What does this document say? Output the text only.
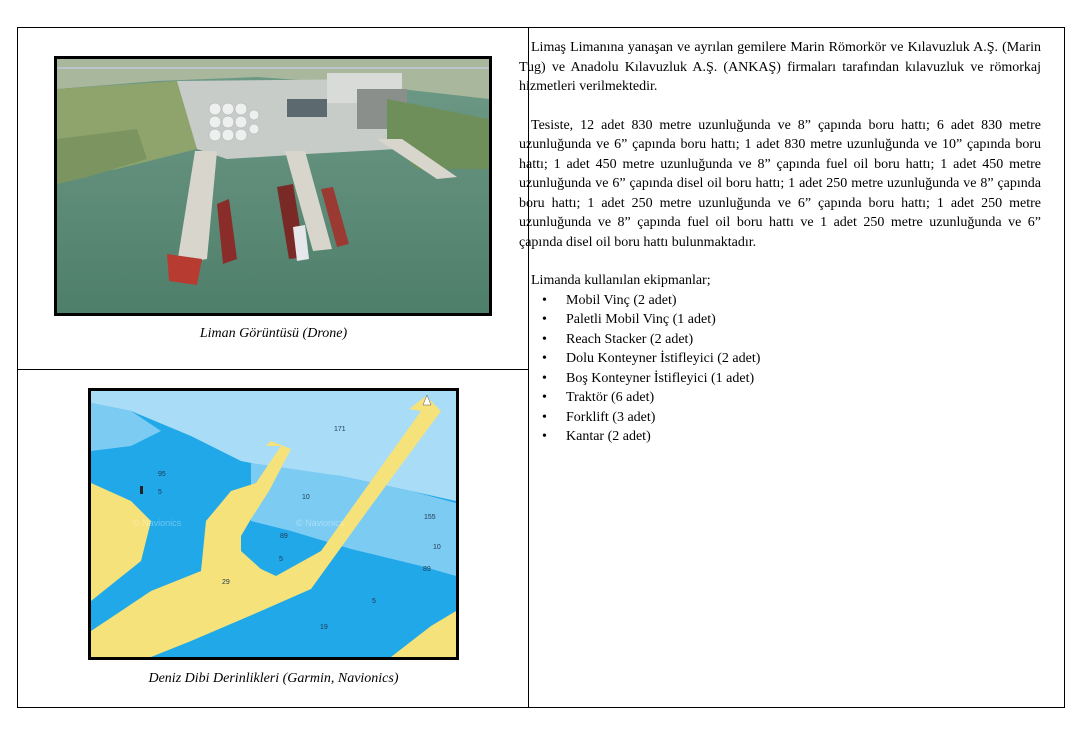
Liman Görüntüsü (Drone)
171
95
5
10
155
10
89
89
5
29
5
19
© Navionics	© Navionics
Deniz Dibi Derinlikleri (Garmin, Navionics)

Limaş Limanına yanaşan ve ayrılan gemilere Marin Römorkör ve Kılavuzluk A.Ş. (Marin Tug) ve Anadolu Kılavuzluk A.Ş. (ANKAŞ) firmaları tarafından kılavuzluk ve römorkaj hizmetleri verilmektedir.

Tesiste, 12 adet 830 metre uzunluğunda ve 8” çapında boru hattı; 6 adet 830 metre uzunluğunda ve 6” çapında boru hattı; 1 adet 830 metre uzunluğunda ve 10” çapında boru hattı; 1 adet 450 metre uzunluğunda ve 8” çapında fuel oil boru hattı; 1 adet 450 metre uzunluğunda ve 6” çapında disel oil boru hattı; 1 adet 250 metre uzunluğunda ve 8” çapında boru hattı; 1 adet 250 metre uzunluğunda ve 6” çapında boru hattı; 1 adet 250 metre uzunluğunda ve 8” çapında fuel oil boru hattı ve 1 adet 250 metre uzunluğunda ve 6” çapında disel oil boru hattı bulunmaktadır.

Limanda kullanılan ekipmanlar;

• Mobil Vinç (2 adet)
• Paletli Mobil Vinç (1 adet)
• Reach Stacker (2 adet)
• Dolu Konteyner İstifleyici (2 adet)
• Boş Konteyner İstifleyici (1 adet)
• Traktör (6 adet)
• Forklift (3 adet)
• Kantar (2 adet)
